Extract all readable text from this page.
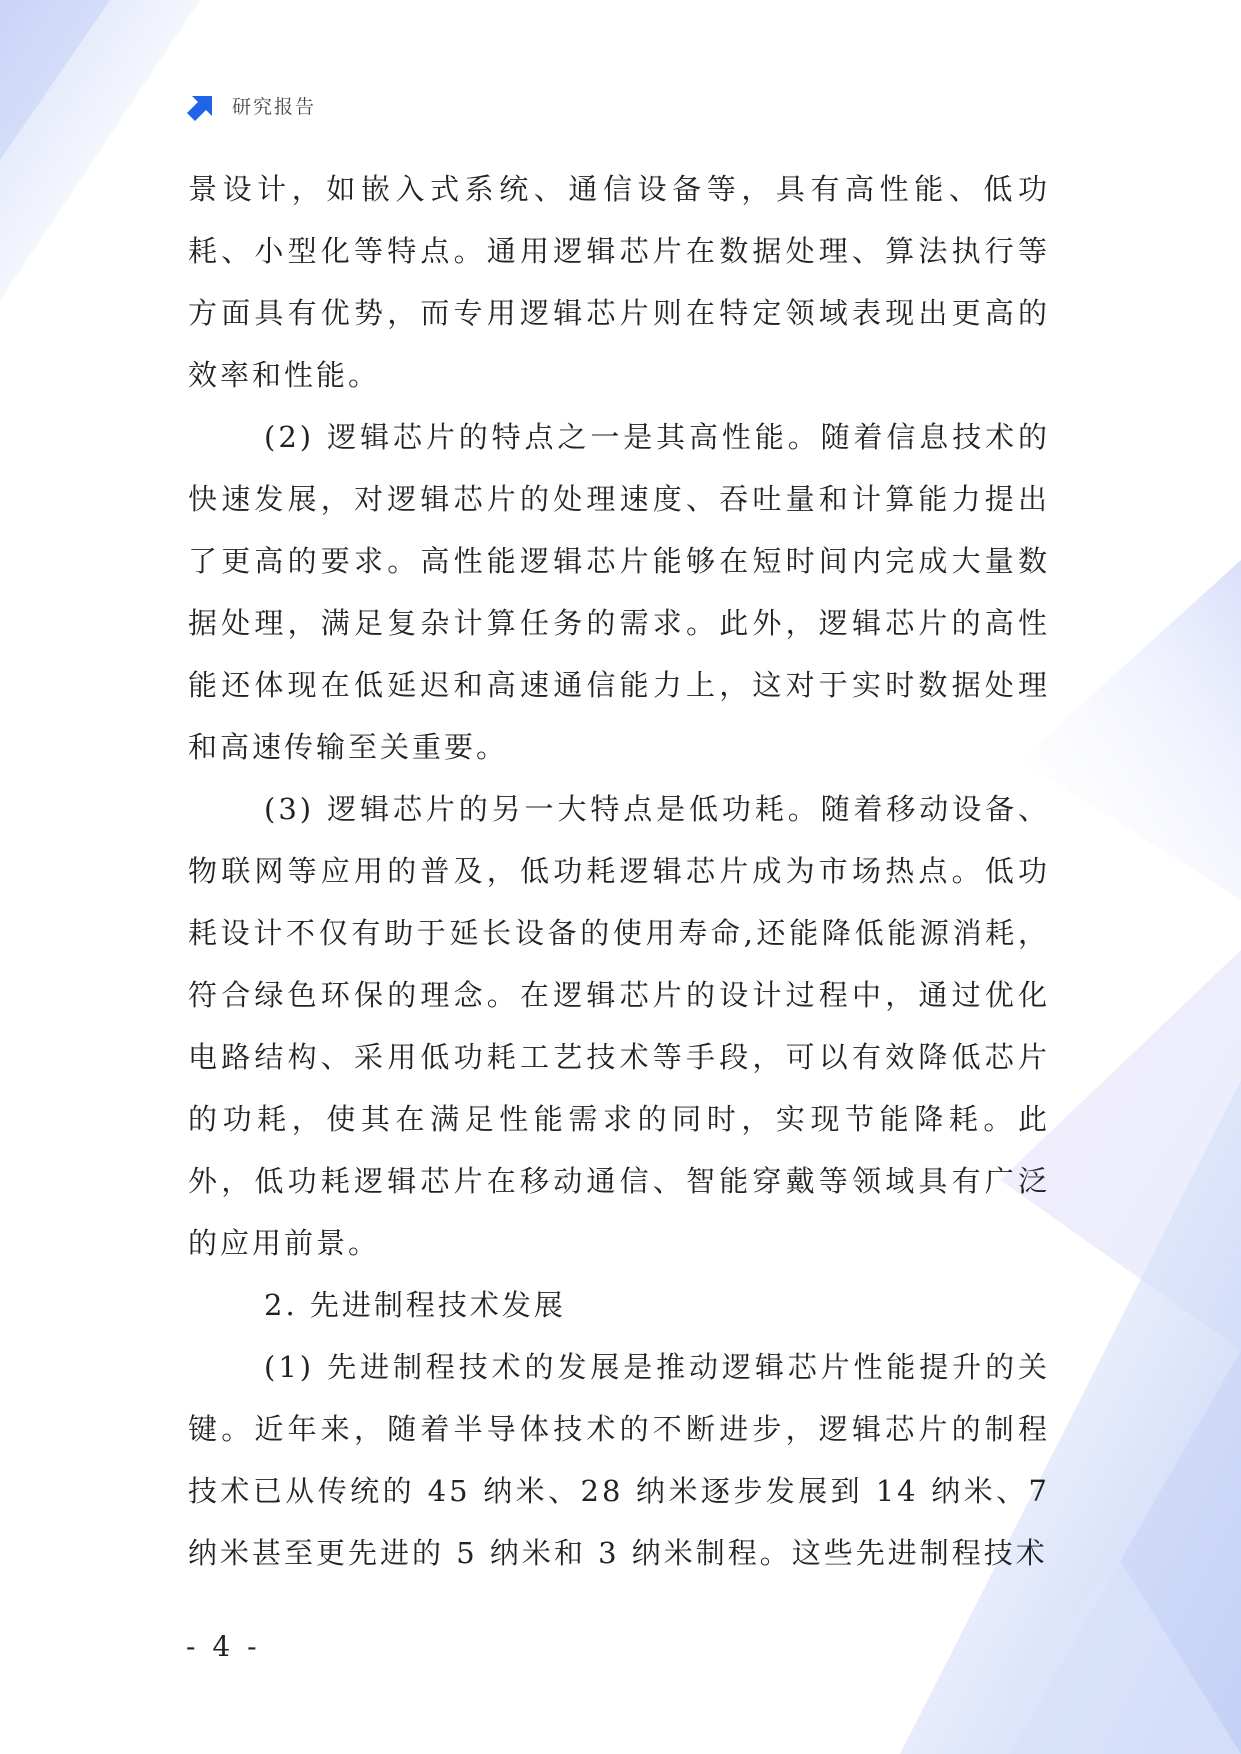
研究报告

景设计，如嵌入式系统、通信设备等，具有高性能、低功耗、小型化等特点。通用逻辑芯片在数据处理、算法执行等方面具有优势，而专用逻辑芯片则在特定领域表现出更高的效率和性能。

(2) 逻辑芯片的特点之一是其高性能。随着信息技术的快速发展，对逻辑芯片的处理速度、吞吐量和计算能力提出了更高的要求。高性能逻辑芯片能够在短时间内完成大量数据处理，满足复杂计算任务的需求。此外，逻辑芯片的高性能还体现在低延迟和高速通信能力上，这对于实时数据处理和高速传输至关重要。

(3) 逻辑芯片的另一大特点是低功耗。随着移动设备、物联网等应用的普及，低功耗逻辑芯片成为市场热点。低功耗设计不仅有助于延长设备的使用寿命,还能降低能源消耗，符合绿色环保的理念。在逻辑芯片的设计过程中，通过优化电路结构、采用低功耗工艺技术等手段，可以有效降低芯片的功耗，使其在满足性能需求的同时，实现节能降耗。此外，低功耗逻辑芯片在移动通信、智能穿戴等领域具有广泛的应用前景。

2. 先进制程技术发展

(1) 先进制程技术的发展是推动逻辑芯片性能提升的关键。近年来，随着半导体技术的不断进步，逻辑芯片的制程技术已从传统的 45 纳米、28 纳米逐步发展到 14 纳米、7 纳米甚至更先进的 5 纳米和 3 纳米制程。这些先进制程技术

- 4 -
